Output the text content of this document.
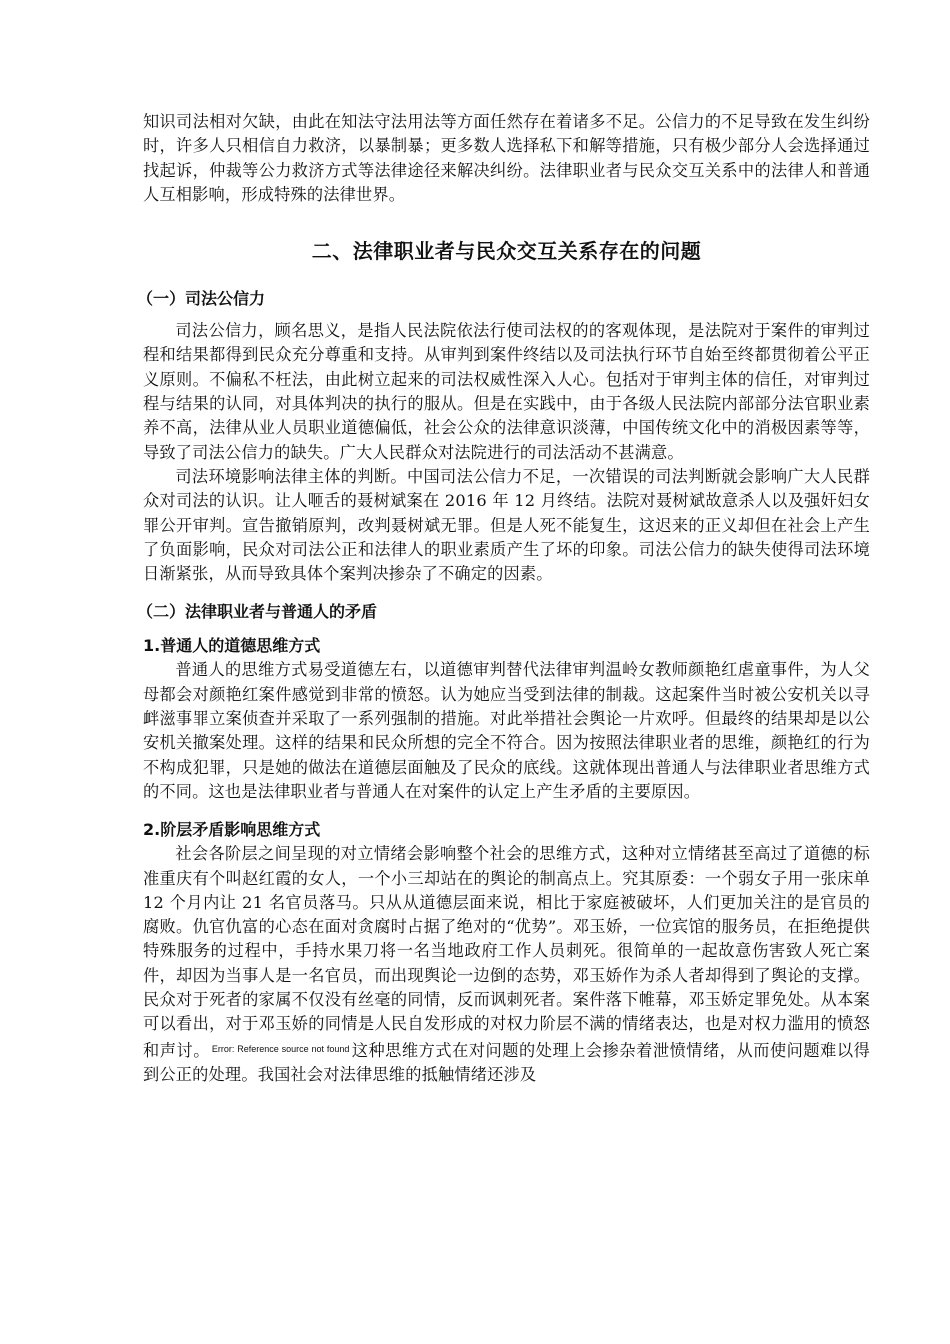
知识司法相对欠缺，由此在知法守法用法等方面任然存在着诸多不足。公信力的不足导致在发生纠纷时，许多人只相信自力救济，以暴制暴；更多数人选择私下和解等措施，只有极少部分人会选择通过找起诉，仲裁等公力救济方式等法律途径来解决纠纷。法律职业者与民众交互关系中的法律人和普通人互相影响，形成特殊的法律世界。

二、法律职业者与民众交互关系存在的问题
（一）司法公信力

司法公信力，顾名思义，是指人民法院依法行使司法权的的客观体现，是法院对于案件的审判过程和结果都得到民众充分尊重和支持。从审判到案件终结以及司法执行环节自始至终都贯彻着公平正义原则。不偏私不枉法，由此树立起来的司法权威性深入人心。包括对于审判主体的信任，对审判过程与结果的认同，对具体判决的执行的服从。但是在实践中，由于各级人民法院内部部分法官职业素养不高，法律从业人员职业道德偏低，社会公众的法律意识淡薄，中国传统文化中的消极因素等等，导致了司法公信力的缺失。广大人民群众对法院进行的司法活动不甚满意。

司法环境影响法律主体的判断。中国司法公信力不足，一次错误的司法判断就会影响广大人民群众对司法的认识。让人咂舌的聂树斌案在 2016 年 12 月终结。法院对聂树斌故意杀人以及强奸妇女罪公开审判。宣告撤销原判，改判聂树斌无罪。但是人死不能复生，这迟来的正义却但在社会上产生了负面影响，民众对司法公正和法律人的职业素质产生了坏的印象。司法公信力的缺失使得司法环境日渐紧张，从而导致具体个案判决掺杂了不确定的因素。

（二）法律职业者与普通人的矛盾
1.普通人的道德思维方式

普通人的思维方式易受道德左右，以道德审判替代法律审判温岭女教师颜艳红虐童事件，为人父母都会对颜艳红案件感觉到非常的愤怒。认为她应当受到法律的制裁。这起案件当时被公安机关以寻衅滋事罪立案侦查并采取了一系列强制的措施。对此举措社会舆论一片欢呼。但最终的结果却是以公安机关撤案处理。这样的结果和民众所想的完全不符合。因为按照法律职业者的思维，颜艳红的行为不构成犯罪，只是她的做法在道德层面触及了民众的底线。这就体现出普通人与法律职业者思维方式的不同。这也是法律职业者与普通人在对案件的认定上产生矛盾的主要原因。

2.阶层矛盾影响思维方式

社会各阶层之间呈现的对立情绪会影响整个社会的思维方式，这种对立情绪甚至高过了道德的标准重庆有个叫赵红霞的女人，一个小三却站在的舆论的制高点上。究其原委：一个弱女子用一张床单 12 个月内让 21 名官员落马。只从从道德层面来说，相比于家庭被破坏，人们更加关注的是官员的腐败。仇官仇富的心态在面对贪腐时占据了绝对的“优势”。邓玉娇，一位宾馆的服务员，在拒绝提供特殊服务的过程中，手持水果刀将一名当地政府工作人员刺死。很简单的一起故意伤害致人死亡案件，却因为当事人是一名官员，而出现舆论一边倒的态势，邓玉娇作为杀人者却得到了舆论的支撑。民众对于死者的家属不仅没有丝毫的同情，反而讽刺死者。案件落下帷幕，邓玉娇定罪免处。从本案可以看出，对于邓玉娇的同情是人民自发形成的对权力阶层不满的情绪表达，也是对权力滥用的愤怒和声讨。 $^{Error: Reference source not found}$ 这种思维方式在对问题的处理上会掺杂着泄愤情绪，从而使问题难以得到公正的处理。我国社会对法律思维的抵触情绪还涉及
